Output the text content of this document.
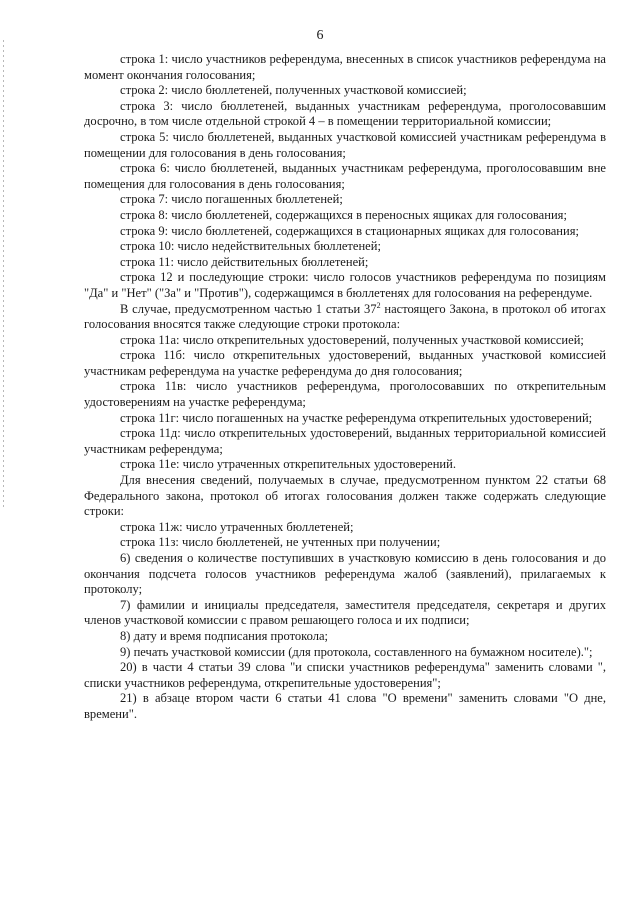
6

строка 1: число участников референдума, внесенных в список участников референдума на момент окончания голосования;

строка 2: число бюллетеней, полученных участковой комиссией;

строка 3: число бюллетеней, выданных участникам референдума, проголосовавшим досрочно, в том числе отдельной строкой 4 – в помещении территориальной комиссии;

строка 5: число бюллетеней, выданных участковой комиссией участникам референдума в помещении для голосования в день голосования;

строка 6: число бюллетеней, выданных участникам референдума, проголосовавшим вне помещения для голосования в день голосования;

строка 7: число погашенных бюллетеней;

строка 8: число бюллетеней, содержащихся в переносных ящиках для голосования;

строка 9: число бюллетеней, содержащихся в стационарных ящиках для голосования;

строка 10: число недействительных бюллетеней;

строка 11: число действительных бюллетеней;

строка 12 и последующие строки: число голосов участников референдума по позициям "Да" и "Нет" ("За" и "Против"), содержащимся в бюллетенях для голосования на референдуме.

В случае, предусмотренном частью 1 статьи $37^2$ настоящего Закона, в протокол об итогах голосования вносятся также следующие строки протокола:

строка 11а: число открепительных удостоверений, полученных участковой комиссией;

строка 11б: число открепительных удостоверений, выданных участковой комиссией участникам референдума на участке референдума до дня голосования;

строка 11в: число участников референдума, проголосовавших по открепительным удостоверениям на участке референдума;

строка 11г: число погашенных на участке референдума открепительных удостоверений;

строка 11д: число открепительных удостоверений, выданных территориальной комиссией участникам референдума;

строка 11е: число утраченных открепительных удостоверений.

Для внесения сведений, получаемых в случае, предусмотренном пунктом 22 статьи 68 Федерального закона, протокол об итогах голосования должен также содержать следующие строки:

строка 11ж: число утраченных бюллетеней;

строка 11з: число бюллетеней, не учтенных при получении;

6) сведения о количестве поступивших в участковую комиссию в день голосования и до окончания подсчета голосов участников референдума жалоб (заявлений), прилагаемых к протоколу;

7) фамилии и инициалы председателя, заместителя председателя, секретаря и других членов участковой комиссии с правом решающего голоса и их подписи;

8) дату и время подписания протокола;

9) печать участковой комиссии (для протокола, составленного на бумажном носителе).";

20) в части 4 статьи 39 слова "и списки участников референдума" заменить словами ", списки участников референдума, открепительные удостоверения";

21) в абзаце втором части 6 статьи 41 слова "О времени" заменить словами "О дне, времени".
